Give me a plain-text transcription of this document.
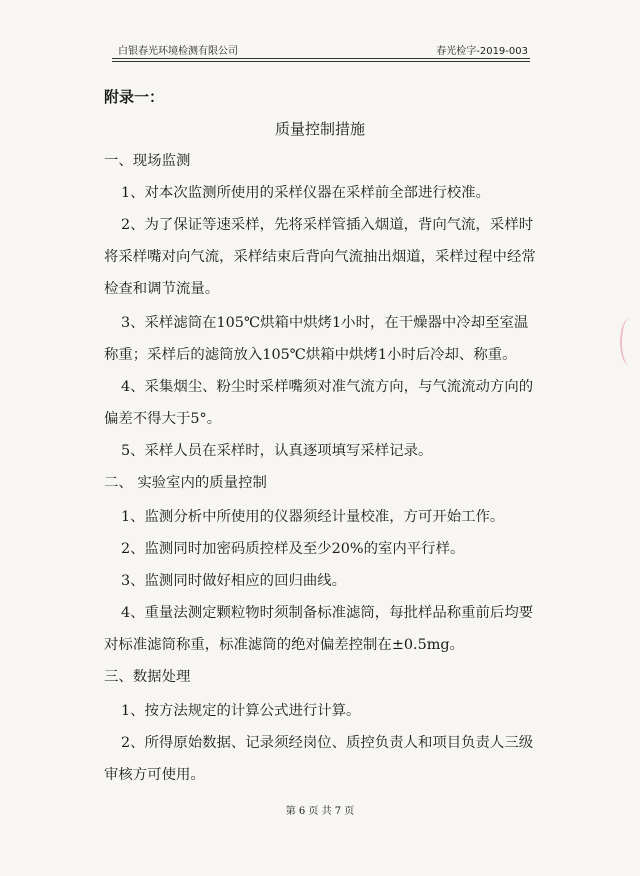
白银春光环境检测有限公司	春光检字-2019-003
附录一：
质量控制措施
一、现场监测
1、对本次监测所使用的采样仪器在采样前全部进行校准。
2、为了保证等速采样，先将采样管插入烟道，背向气流，采样时
将采样嘴对向气流，采样结束后背向气流抽出烟道，采样过程中经常
检查和调节流量。
3、采样滤筒在105℃烘箱中烘烤1小时，在干燥器中冷却至室温
称重；采样后的滤筒放入105℃烘箱中烘烤1小时后冷却、称重。
4、采集烟尘、粉尘时采样嘴须对准气流方向，与气流流动方向的
偏差不得大于5°。
5、采样人员在采样时，认真逐项填写采样记录。
二、 实验室内的质量控制
1、监测分析中所使用的仪器须经计量校准，方可开始工作。
2、监测同时加密码质控样及至少20%的室内平行样。
3、监测同时做好相应的回归曲线。
4、重量法测定颗粒物时须制备标准滤筒，每批样品称重前后均要
对标准滤筒称重，标准滤筒的绝对偏差控制在±0.5mg。
三、数据处理
1、按方法规定的计算公式进行计算。
2、所得原始数据、记录须经岗位、质控负责人和项目负责人三级
审核方可使用。
第 6 页 共 7 页
